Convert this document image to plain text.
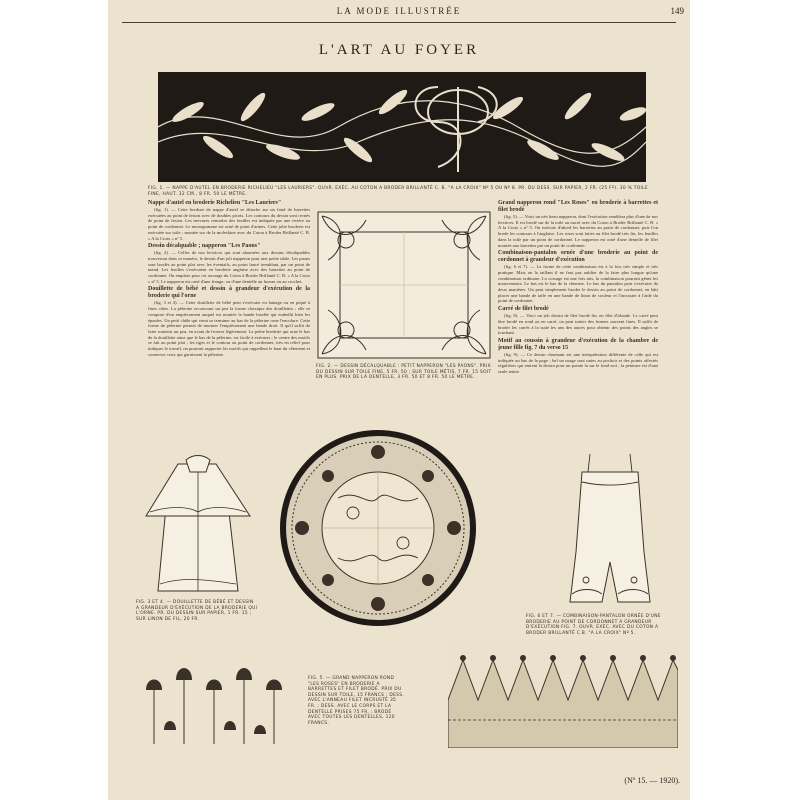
LA MODE ILLUSTRÉE	149
L'ART AU FOYER
FIG. 1. — NAPPE D'AUTEL EN BRODERIE RICHELIEU "LES LAURIERS". OUVR. EXÉC. AU COTON A BRODER BRILLANTÉ C. B. "A LA CROIX" Nº 5 OU Nº 8. PR. DU DESS. SUR PAPIER, 2 FR. (25 Fº). 30 % TOILE FINE, HAUT. 32 CM., 8 FR. 50 LE MÈTRE.
Nappe d'autel en broderie Richelieu "Les Lauriers"

(fig. 1). — Cette bordure de nappe d'autel se détache sur un fond de barrettes exécutées au point de feston avec de doubles picots. Les contours du dessin sont cernés de point de feston. Les nervures centrales des feuilles est indiquée par une rivière au point de cordonnet. Le monogramme est orné de point d'armes. Cette jolie broderie est exécutée sur toile ; montée sur de la moleskine avec du Coton à Broder Brillanté C. B. « A la Croix » nº 5.

Dessin décalquable ; napperon "Les Paons"

(fig. 2). — Celles de nos lectrices qui sont abonnées aux dessins décalquables trouveront dans ce numéro, le dessin d'un joli napperon pour une petite table. Les paons sont brodés au point plat avec les éventails, au point lancé tremblant, par un point de nœud. Les feuilles s'exécutent en broderie anglaise avec des barrettes au point de cordonnet. On emploie pour cet ouvrage du Coton à Broder Brillanté C. B. « A la Croix » nº 5. Le napperon est orné d'une frange, ou d'une dentelle au fuseau ou au crochet.

Douillette de bébé et dessin à grandeur d'exécution de la broderie qui l'orne

(fig. 3 et 4). — Cette douillette de bébé peut s'exécuter en lainage ou en piqué à fines côtes. La pèlerine recouvrant un peu la forme classique des douillettes ; elle se compose d'un empiècement auquel est montée la bande brodée qui embellit bien les épaules. Un petit châle qui vient se terminer au bas de la pèlerine orne l'encolure. Cette forme de pèlerine permet de montrer l'empiècement une bande droit. Il qu'il suffit de faire soutenir un peu, en avant de froncer légèrement. La petite broderie qui orne le bas de la douillette ainsi que le bas de la pèlerine, est facile à exécuter ; le centre des motifs se fait au point plat ; les tiges et le contour au point de cordonnet, très en relief pour indiquer le travail, on pourrait rapporter les motifs qui rappellent le haut du vêtement et conserver ceux qui garnissent la pèlerine.

FIG. 2. — DESSIN DÉCALQUABLE : PETIT NAPPERON "LES PAONS". PRIX DU DESSIN SUR TOILE FINE, 5 FR. 50 ; SUR TOILE MÉTIS, 7 FR. 15 SOIT EN PLUS. PRIX DE LA DENTELLE, 3 FR. 50 ET 8 FR. 50 LE MÈTRE.
Grand napperon rond "Les Roses" en broderie à barrettes et filet brodé

(fig. 5). — Voici un très beau napperon, dont l'exécution semblera plus d'une de nos lectrices. Il est brodé sur de la toile au nacré avec du Coton à Broder Brillanté C. B. « A la Croix » nº 5. On exécute d'abord les barrettes au point de cordonnet, puis l'on brode les contours à l'anglaise. Les roses sont faites au filet brodé très fin, les feuilles dans la toile par un point de cordonnet. Le napperon est orné d'une dentelle de filet montée aux barrettes par un point de cordonnet.

Combinaison-pantalon ornée d'une broderie au point de cordonnet à grandeur d'exécution

(fig. 6 et 7). — La forme de cette combinaison est à la fois très simple et très pratique. Mais on la taillant il ne faut pas oublier de la faire plus longue qu'une combinaison ordinaire. Le corsage est une fois mis, la combinaison pourrait gêner les mouvements. Le bas est le bas de la chemise. Le bas du pantalon peut s'exécuter de deux manières. On peut simplement broder le dessin au point de cordonnet, en bâti placer une bande de taffe en une bande de linon de couleur et l'incruster à l'aide du point de cordonnet.

Carré de filet brodé

(fig. 8). — Voici un joli dessin de filet brodé fin, en filet d'irlande. Le carré peut être brodé en rond ou en carré, on peut imiter des formes souvent fines. Il suffit de broder les carrés à la suite les uns des autres pour obtenir des points des angles se touchant.

Motif au coussin à grandeur d'exécution de la chambre de jeune fille fig. 7 du verso 15

(fig. 9). — Ce dessin charmant est une interprétation différente de celle qui est indiquée au bas de la page ; bel un usage sont unies au pochoir et des points affectés régulières qui entrent la dessin pour un pointe la sur le fond soit ; la peinture est d'une seule teinte.

FIG. 3 ET 4. — DOUILLETTE DE BÉBÉ ET DESSIN A GRANDEUR D'EXÉCUTION DE LA BRODERIE QUI L'ORNE. PR. DU DESSIN SUR PAPIER, 1 FR. 15 ; SUR LINON DE FIL, 20 FR.
FIG. 6 ET 7. — COMBINAISON-PANTALON ORNÉE D'UNE BRODERIE AU POINT DE CORDONNET A GRANDEUR D'EXÉCUTION FIG. 7. OUVR. EXÉC. AVEC DU COTON A BRODER BRILLANTÉ C.B. "A LA CROIX" Nº 5.
FIG. 5. — GRAND NAPPERON ROND "LES ROSES" EN BRODERIE A BARRETTES ET FILET BRODÉ. PRIX DU DESSIN SUR TOILE, 15 FRANCS ; DESS. AVEC L'ANNEAU FILET INCRUSTÉ 35 FR. ; DESS. AVEC LE CORPS ET LA DENTELLE PRISES 75 FR. ; BRODÉ AVEC TOUTES LES DENTELLES, 120 FRANCS.
(Nº 15. — 1920).
